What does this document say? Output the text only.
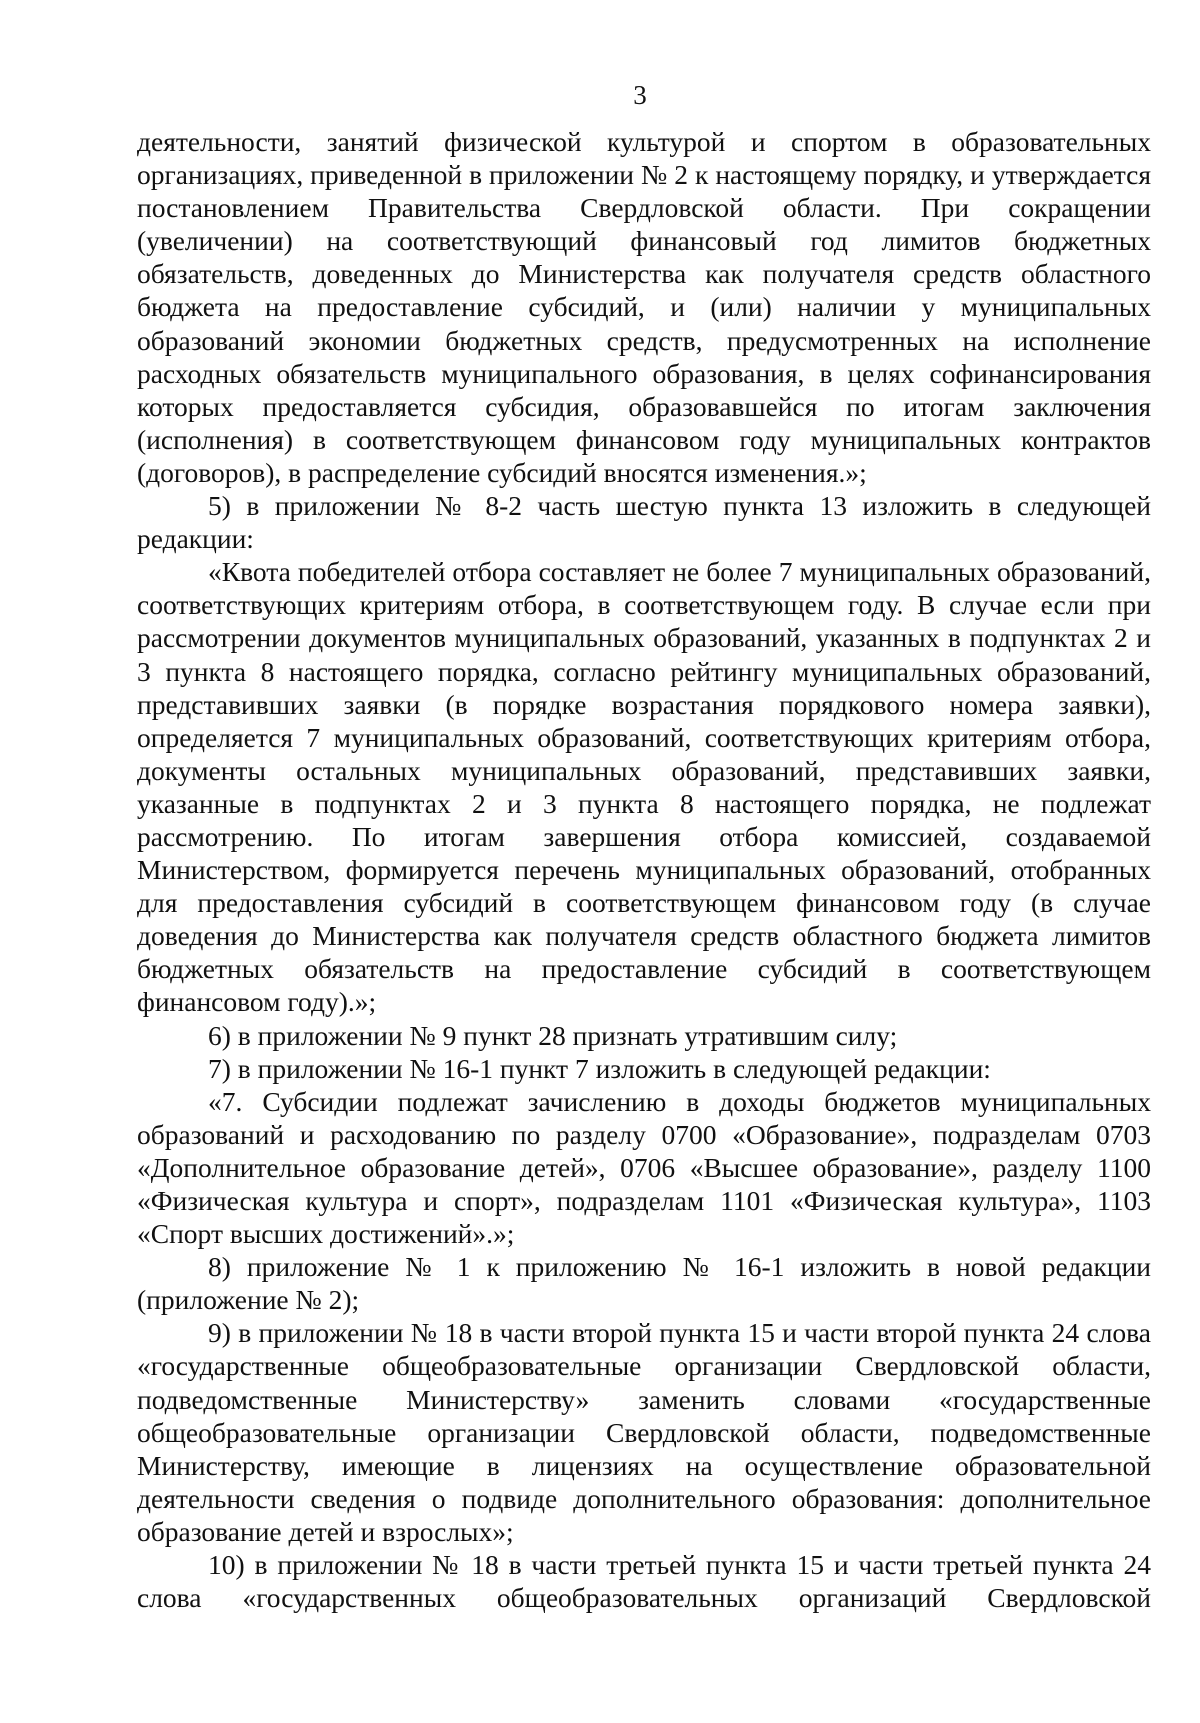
3

деятельности, занятий физической культурой и спортом в образовательных организациях, приведенной в приложении № 2 к настоящему порядку, и утверждается постановлением Правительства Свердловской области. При сокращении (увеличении) на соответствующий финансовый год лимитов бюджетных обязательств, доведенных до Министерства как получателя средств областного бюджета на предоставление субсидий, и (или) наличии у муниципальных образований экономии бюджетных средств, предусмотренных на исполнение расходных обязательств муниципального образования, в целях софинансирования которых предоставляется субсидия, образовавшейся по итогам заключения (исполнения) в соответствующем финансовом году муниципальных контрактов (договоров), в распределение субсидий вносятся изменения.»;

5) в приложении № 8-2 часть шестую пункта 13 изложить в следующей редакции:

«Квота победителей отбора составляет не более 7 муниципальных образований, соответствующих критериям отбора, в соответствующем году. В случае если при рассмотрении документов муниципальных образований, указанных в подпунктах 2 и 3 пункта 8 настоящего порядка, согласно рейтингу муниципальных образований, представивших заявки (в порядке возрастания порядкового номера заявки), определяется 7 муниципальных образований, соответствующих критериям отбора, документы остальных муниципальных образований, представивших заявки, указанные в подпунктах 2 и 3 пункта 8 настоящего порядка, не подлежат рассмотрению. По итогам завершения отбора комиссией, создаваемой Министерством, формируется перечень муниципальных образований, отобранных для предоставления субсидий в соответствующем финансовом году (в случае доведения до Министерства как получателя средств областного бюджета лимитов бюджетных обязательств на предоставление субсидий в соответствующем финансовом году).»;

6) в приложении № 9 пункт 28 признать утратившим силу;

7) в приложении № 16-1 пункт 7 изложить в следующей редакции:

«7. Субсидии подлежат зачислению в доходы бюджетов муниципальных образований и расходованию по разделу 0700 «Образование», подразделам 0703 «Дополнительное образование детей», 0706 «Высшее образование», разделу 1100 «Физическая культура и спорт», подразделам 1101 «Физическая культура», 1103 «Спорт высших достижений».»;

8) приложение № 1 к приложению № 16-1 изложить в новой редакции (приложение № 2);

9) в приложении № 18 в части второй пункта 15 и части второй пункта 24 слова «государственные общеобразовательные организации Свердловской области, подведомственные Министерству» заменить словами «государственные общеобразовательные организации Свердловской области, подведомственные Министерству, имеющие в лицензиях на осуществление образовательной деятельности сведения о подвиде дополнительного образования: дополнительное образование детей и взрослых»;

10) в приложении № 18 в части третьей пункта 15 и части третьей пункта 24 слова «государственных общеобразовательных организаций Свердловской
